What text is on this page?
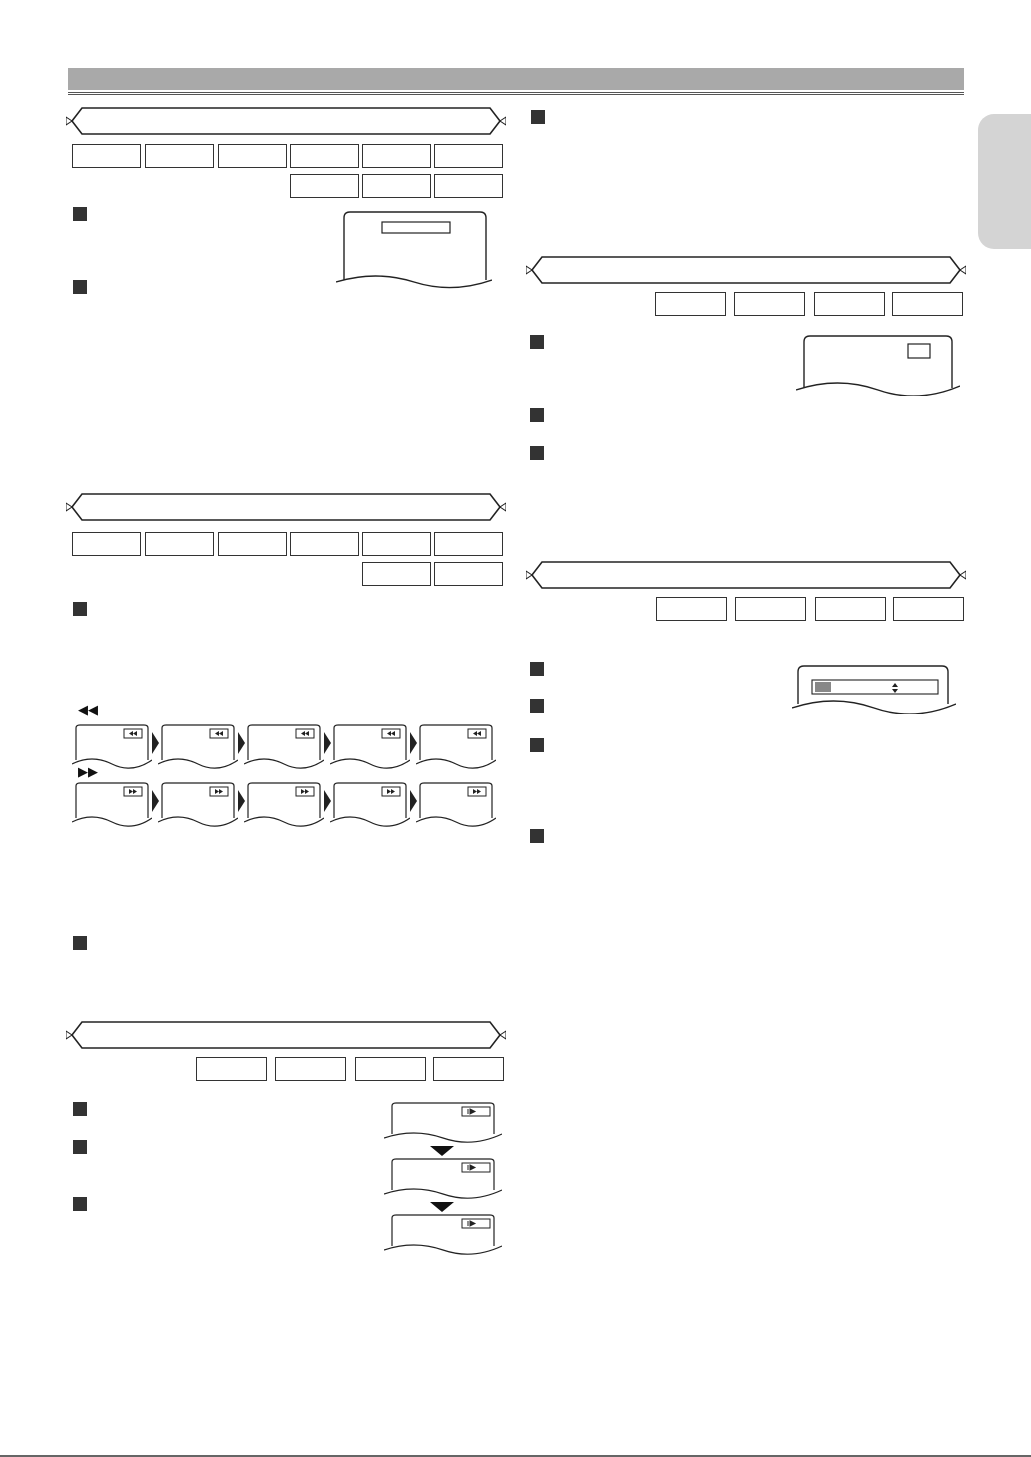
◀◀
▶▶
